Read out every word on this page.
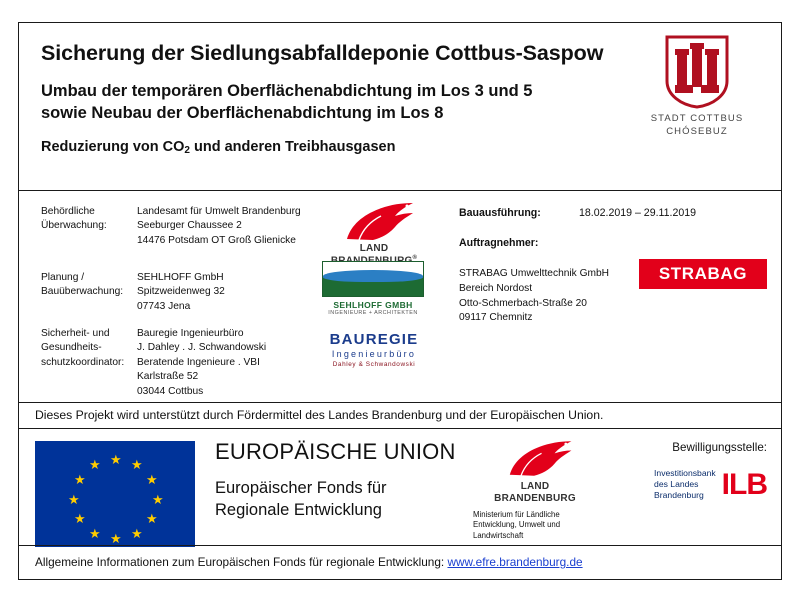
Sicherung der Siedlungsabfalldeponie Cottbus-Saspow
Umbau der temporären Oberflächenabdichtung im Los 3 und 5
sowie Neubau der Oberflächenabdichtung im Los 8
Reduzierung von $CO_2$ und anderen Treibhausgasen
STADT COTTBUS
CHÓSEBUZ
Behördliche
Überwachung:
Landesamt für Umwelt Brandenburg
Seeburger Chaussee 2
14476 Potsdam OT Groß Glienicke
Planung /
Bauüberwachung:
SEHLHOFF GmbH
Spitzweidenweg 32
07743 Jena
Sicherheit- und
Gesundheits-
schutzkoordinator:
Bauregie Ingenieurbüro
J. Dahley . J. Schwandowski
Beratende Ingenieure . VBI
Karlstraße 52
03044 Cottbus
LAND
®
SEHLHOFF GMBH
INGENIEURE + ARCHITEKTEN
BAUREGIE
Ingenieurbüro
Dahley & Schwandowski
Bauausführung:	18.02.2019 – 29.11.2019
Auftragnehmer:
STRABAG Umwelttechnik GmbH
Bereich Nordost
Otto-Schmerbach-Straße 20
09117 Chemnitz
STRABAG
Dieses Projekt wird unterstützt durch Fördermittel des Landes Brandenburg und der Europäischen Union.
★ ★
★
★
★
★
★
★
★
★
★
★
EUROPÄISCHE UNION
Europäischer Fonds für
Regionale Entwicklung
LAND
BRANDENBURG
Ministerium für Ländliche
Entwicklung, Umwelt und
Landwirtschaft
Bewilligungsstelle:
Investitionsbank
des Landes
Brandenburg ILB
Allgemeine Informationen zum Europäischen Fonds für regionale Entwicklung: www.efre.brandenburg.de
